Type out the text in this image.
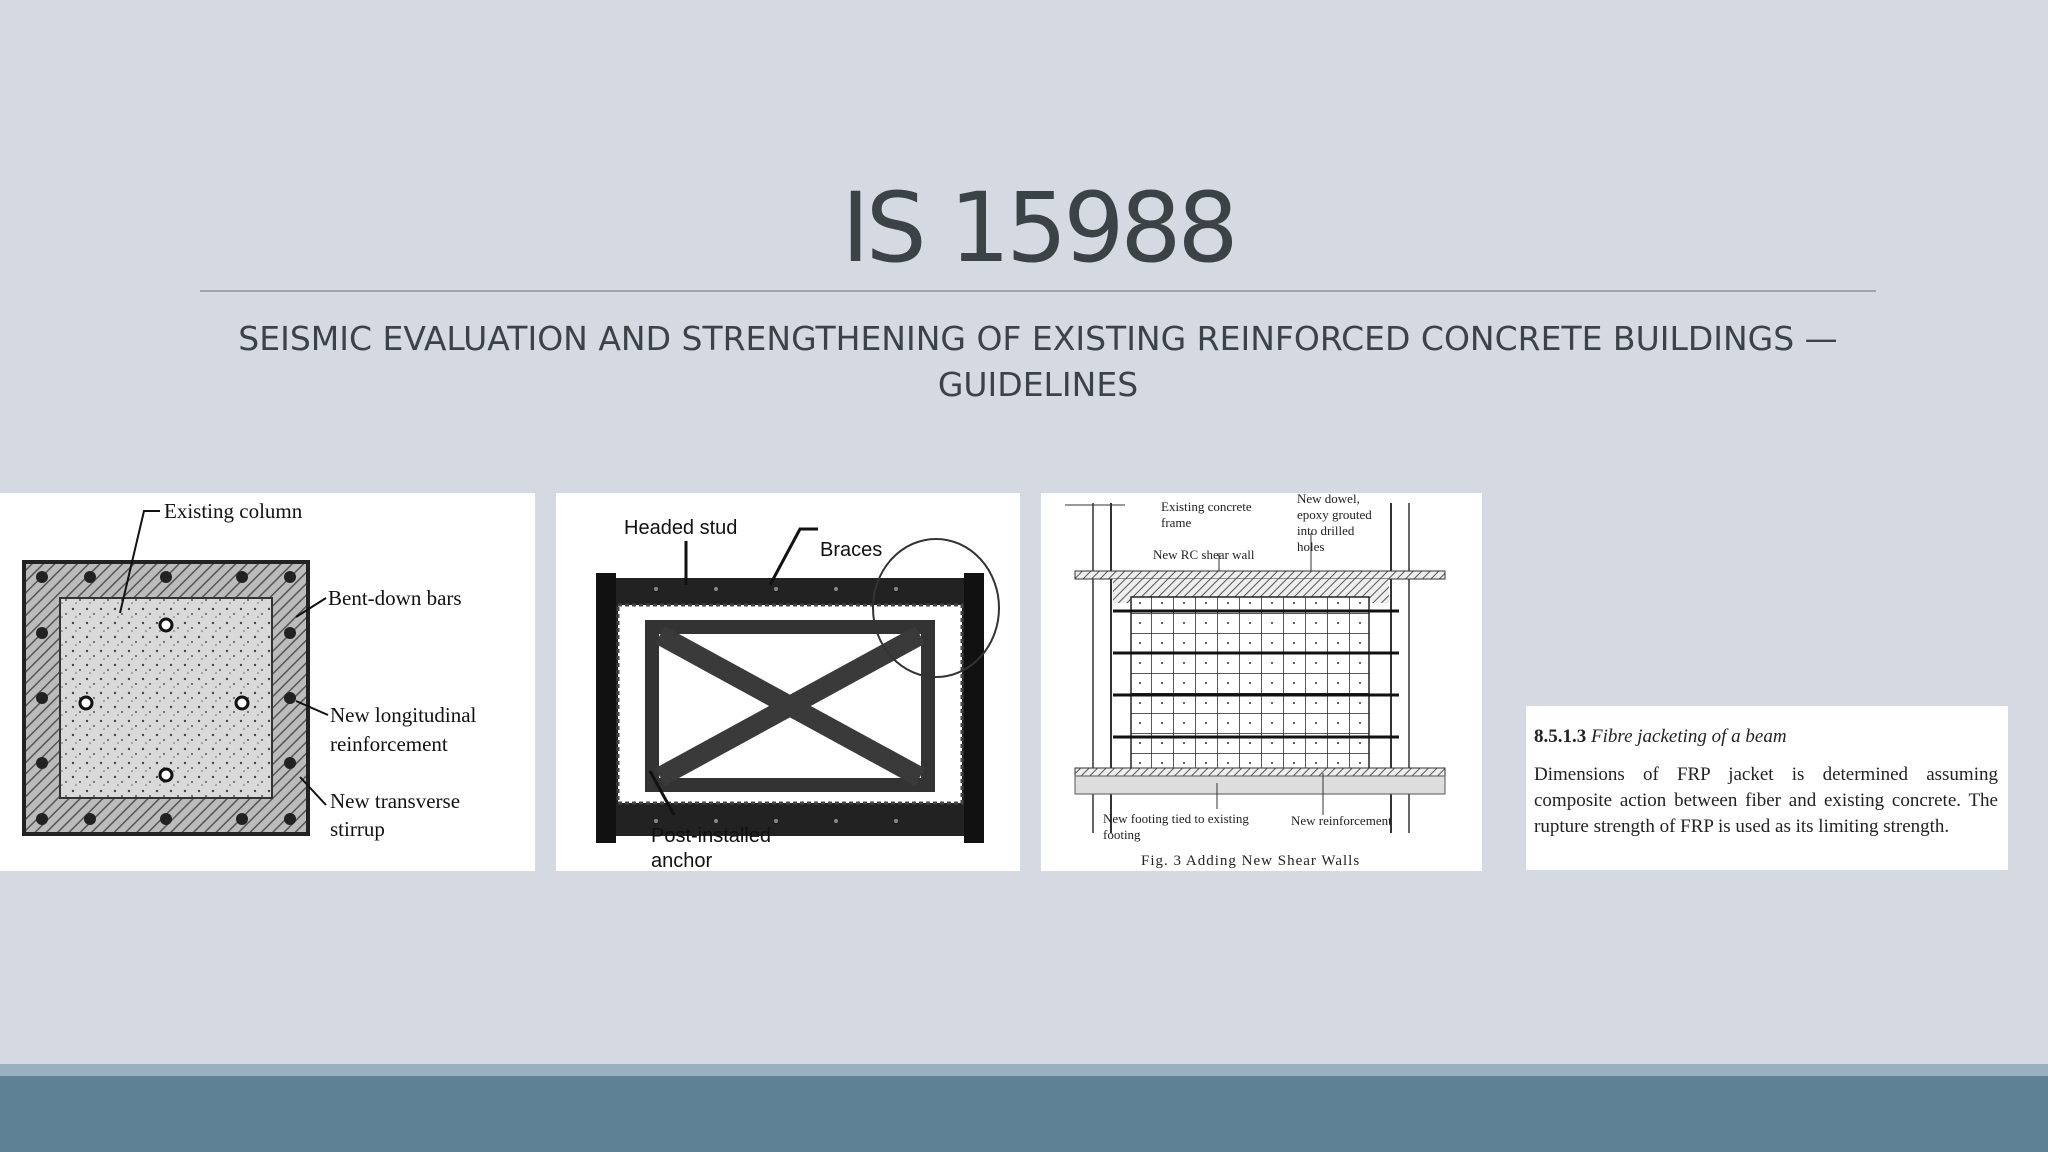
IS 15988
SEISMIC EVALUATION AND STRENGTHENING OF EXISTING REINFORCED CONCRETE BUILDINGS — GUIDELINES
Existing column
Bent-down bars
New longitudinal
reinforcement
New transverse
stirrup
Headed stud
Braces
Post-installed
anchor
Existing concrete
frame
New dowel,
epoxy grouted
into drilled
holes
New RC shear wall
New footing tied to existing
footing
New reinforcement
Fig. 3 Adding New Shear Walls
8.5.1.3 Fibre jacketing of a beam
Dimensions of FRP jacket is determined assuming composite action between fiber and existing concrete. The rupture strength of FRP is used as its limiting strength.
